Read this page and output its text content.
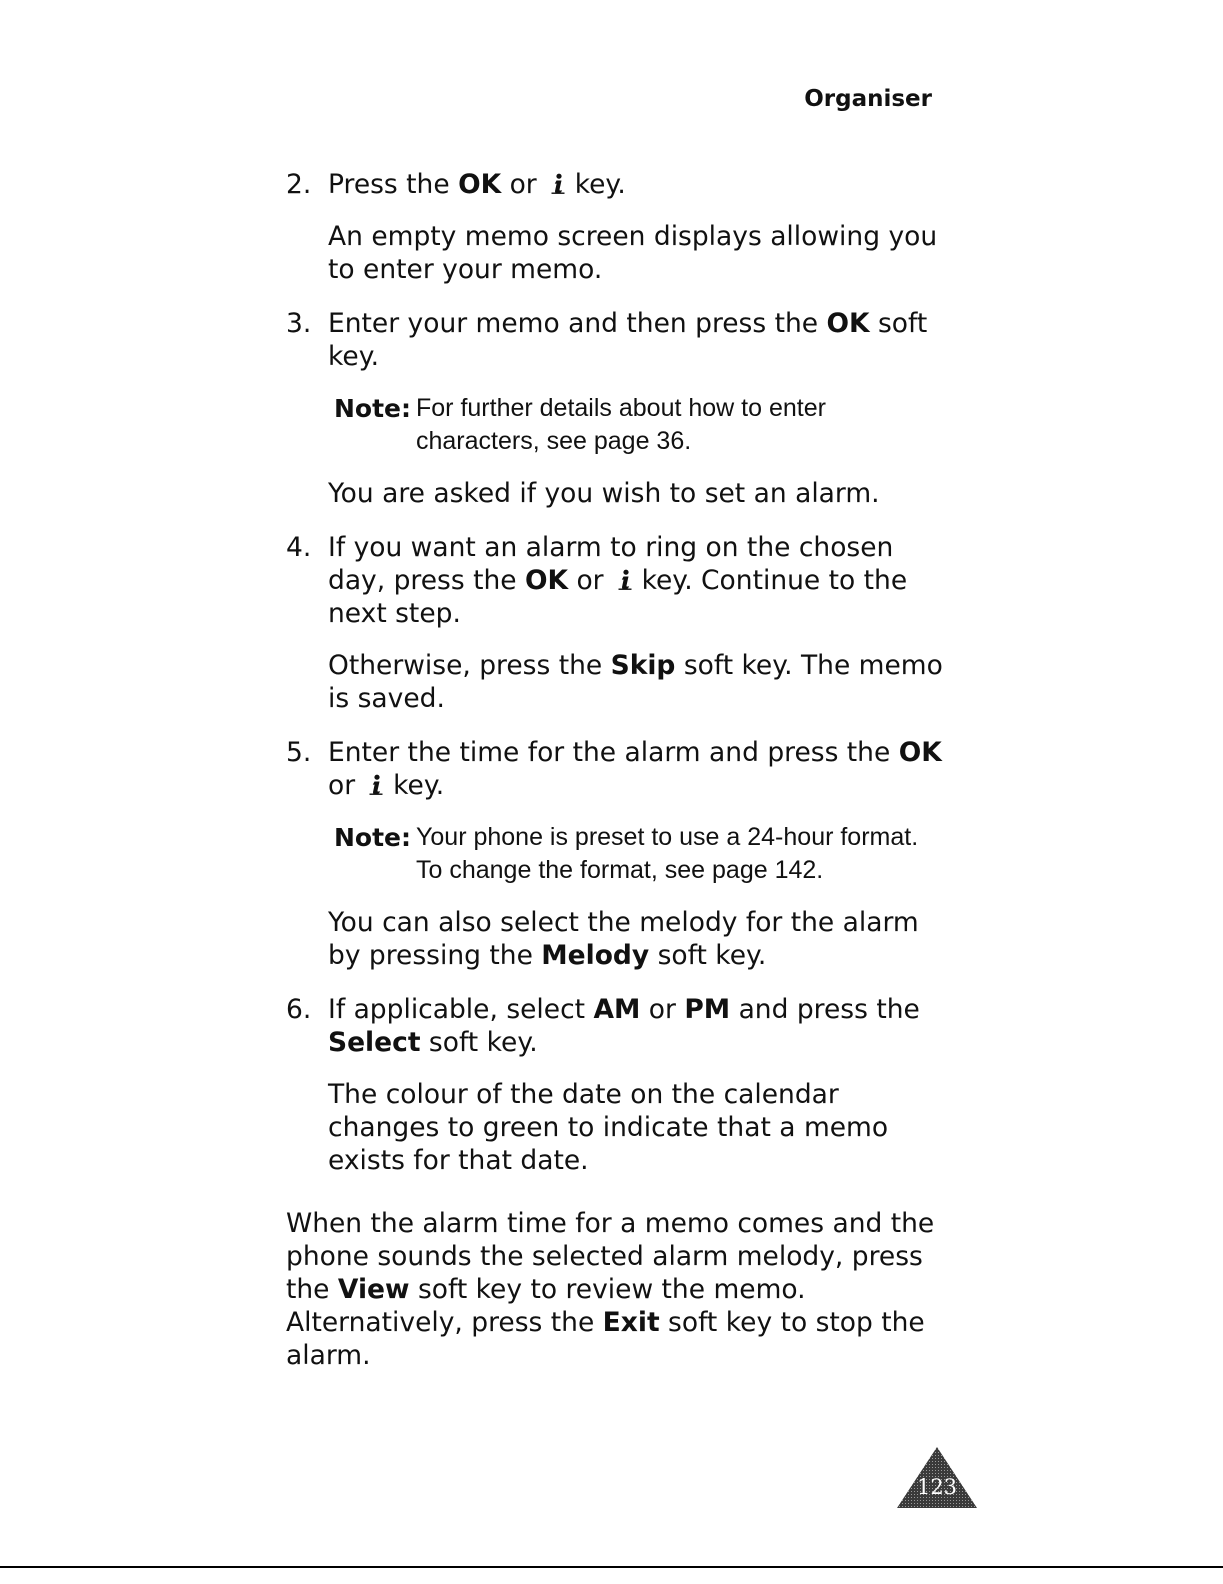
Organiser
2. Press the OK or key.

An empty memo screen displays allowing you to enter your memo.

3. Enter your memo and then press the OK soft key.

Note: For further details about how to enter characters, see page 36.

You are asked if you wish to set an alarm.

4. If you want an alarm to ring on the chosen day, press the OK or key. Continue to the next step.

Otherwise, press the Skip soft key. The memo is saved.

5. Enter the time for the alarm and press the OK or key.

Note: Your phone is preset to use a 24-hour format. To change the format, see page 142.

You can also select the melody for the alarm by pressing the Melody soft key.

6. If applicable, select AM or PM and press the Select soft key.

The colour of the date on the calendar changes to green to indicate that a memo exists for that date.

When the alarm time for a memo comes and the phone sounds the selected alarm melody, press the View soft key to review the memo. Alternatively, press the Exit soft key to stop the alarm.

123
